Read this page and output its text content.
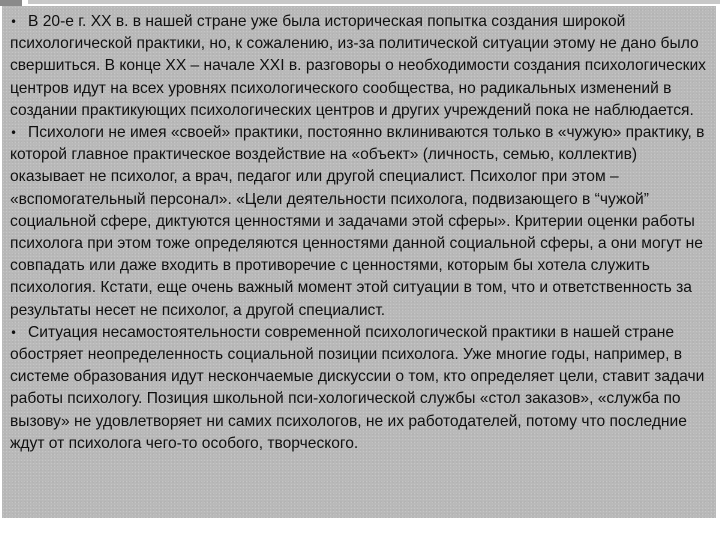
• В 20-е г. XX в. в нашей стране уже была историческая попытка создания широкой психологической практики, но, к сожалению, из-за политической ситуации этому не дано было свершиться. В конце XX – начале XXI в. разговоры о необходимости создания психологических центров идут на всех уровнях психологического сообщества, но радикальных изменений в создании практикующих психологических центров и других учреждений пока не наблюдается.

• Психологи не имея «своей» практики, постоянно вклиниваются только в «чужую» практику, в которой главное практическое воздействие на «объект» (личность, семью, коллектив) оказывает не психолог, а врач, педагог или другой специалист. Психолог при этом – «вспомогательный персонал». «Цели деятельности психолога, подвизающего в “чужой” социальной сфере, диктуются ценностями и задачами этой сферы». Критерии оценки работы психолога при этом тоже определяются ценностями данной социальной сферы, а они могут не совпадать или даже входить в противоречие с ценностями, которым бы хотела служить психология. Кстати, еще очень важный момент этой ситуации в том, что и ответственность за результаты несет не психолог, а другой специалист.

• Ситуация несамостоятельности современной психологической практики в нашей стране обостряет неопределенность социальной позиции психолога. Уже многие годы, например, в системе образования идут нескончаемые дискуссии о том, кто определяет цели, ставит задачи работы психологу. Позиция школьной пси-хологической службы «стол заказов», «служба по вызову» не удовлетворяет ни самих психологов, не их работодателей, потому что последние ждут от психолога чего-то особого, творческого.
